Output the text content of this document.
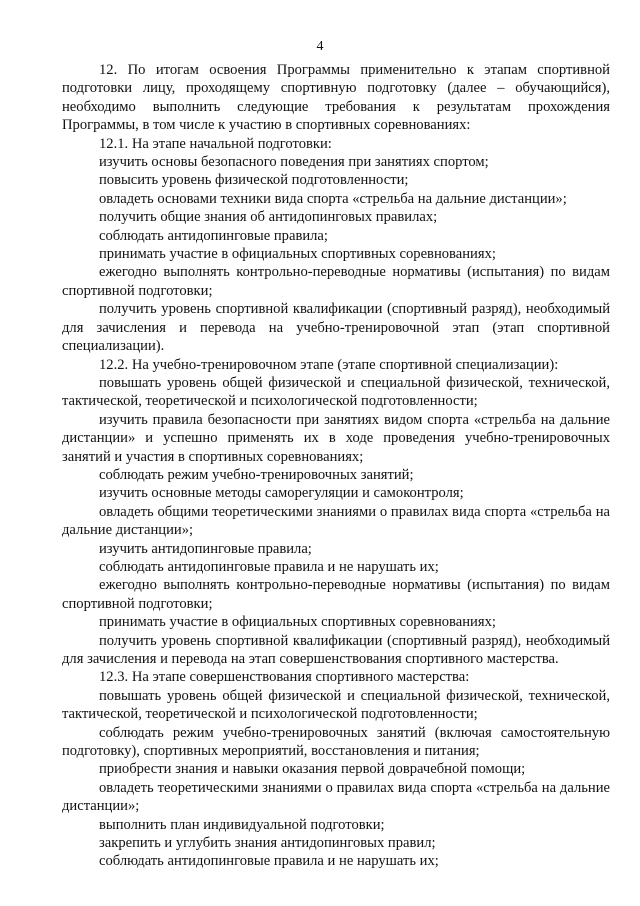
4

12. По итогам освоения Программы применительно к этапам спортивной подготовки лицу, проходящему спортивную подготовку (далее – обучающийся), необходимо выполнить следующие требования к результатам прохождения Программы, в том числе к участию в спортивных соревнованиях:

12.1. На этапе начальной подготовки:

изучить основы безопасного поведения при занятиях спортом;

повысить уровень физической подготовленности;

овладеть основами техники вида спорта «стрельба на дальние дистанции»;

получить общие знания об антидопинговых правилах;

соблюдать антидопинговые правила;

принимать участие в официальных спортивных соревнованиях;

ежегодно выполнять контрольно-переводные нормативы (испытания) по видам спортивной подготовки;

получить уровень спортивной квалификации (спортивный разряд), необходимый для зачисления и перевода на учебно-тренировочной этап (этап спортивной специализации).

12.2. На учебно-тренировочном этапе (этапе спортивной специализации):

повышать уровень общей физической и специальной физической, технической, тактической, теоретической и психологической подготовленности;

изучить правила безопасности при занятиях видом спорта «стрельба на дальние дистанции» и успешно применять их в ходе проведения учебно-тренировочных занятий и участия в спортивных соревнованиях;

соблюдать режим учебно-тренировочных занятий;

изучить основные методы саморегуляции и самоконтроля;

овладеть общими теоретическими знаниями о правилах вида спорта «стрельба на дальние дистанции»;

изучить антидопинговые правила;

соблюдать антидопинговые правила и не нарушать их;

ежегодно выполнять контрольно-переводные нормативы (испытания) по видам спортивной подготовки;

принимать участие в официальных спортивных соревнованиях;

получить уровень спортивной квалификации (спортивный разряд), необходимый для зачисления и перевода на этап совершенствования спортивного мастерства.

12.3. На этапе совершенствования спортивного мастерства:

повышать уровень общей физической и специальной физической, технической, тактической, теоретической и психологической подготовленности;

соблюдать режим учебно-тренировочных занятий (включая самостоятельную подготовку), спортивных мероприятий, восстановления и питания;

приобрести знания и навыки оказания первой доврачебной помощи;

овладеть теоретическими знаниями о правилах вида спорта «стрельба на дальние дистанции»;

выполнить план индивидуальной подготовки;

закрепить и углубить знания антидопинговых правил;

соблюдать антидопинговые правила и не нарушать их;
